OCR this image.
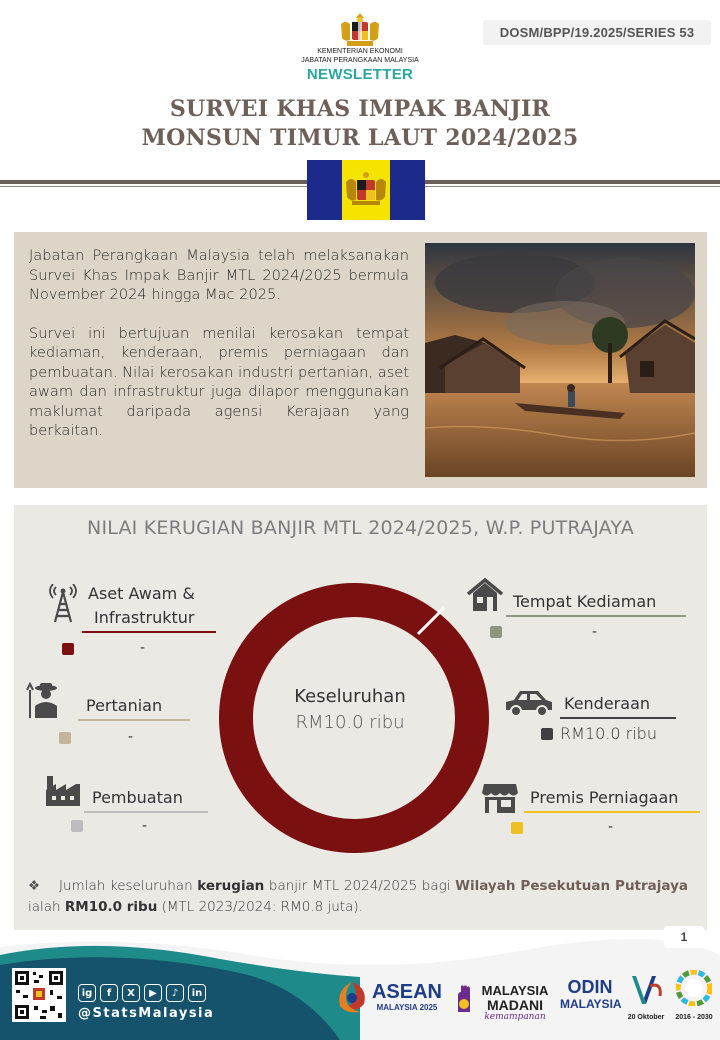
DOSM/BPP/19.2025/SERIES 53
KEMENTERIAN EKONOMI
JABATAN PERANGKAAN MALAYSIA
NEWSLETTER
SURVEI KHAS IMPAK BANJIR
MONSUN TIMUR LAUT 2024/2025

Jabatan Perangkaan Malaysia telah melaksanakan Survei Khas Impak Banjir MTL 2024/2025 bermula November 2024 hingga Mac 2025.

Survei ini bertujuan menilai kerosakan tempat kediaman, kenderaan, premis perniagaan dan pembuatan. Nilai kerosakan industri pertanian, aset awam dan infrastruktur juga dilapor menggunakan maklumat daripada agensi Kerajaan yang berkaitan.

NILAI KERUGIAN BANJIR MTL 2024/2025, W.P. PUTRAJAYA
Keseluruhan
RM10.0 ribu
Aset Awam &
Infrastruktur
-
Pertanian
-
Pembuatan
-
Tempat Kediaman
-
Kenderaan
RM10.0 ribu
Premis Perniagaan
-
❖ Jumlah keseluruhan kerugian banjir MTL 2024/2025 bagi Wilayah Pesekutuan Putrajaya ialah RM10.0 ribu (MTL 2023/2024: RM0.8 juta).
1
ig	f	X	▶	♪	in
@StatsMalaysia
ASEAN
MALAYSIA 2025
MALAYSIA
MADANI
kemampanan
ODIN
MALAYSIA
20 Oktober	2016 - 2030
